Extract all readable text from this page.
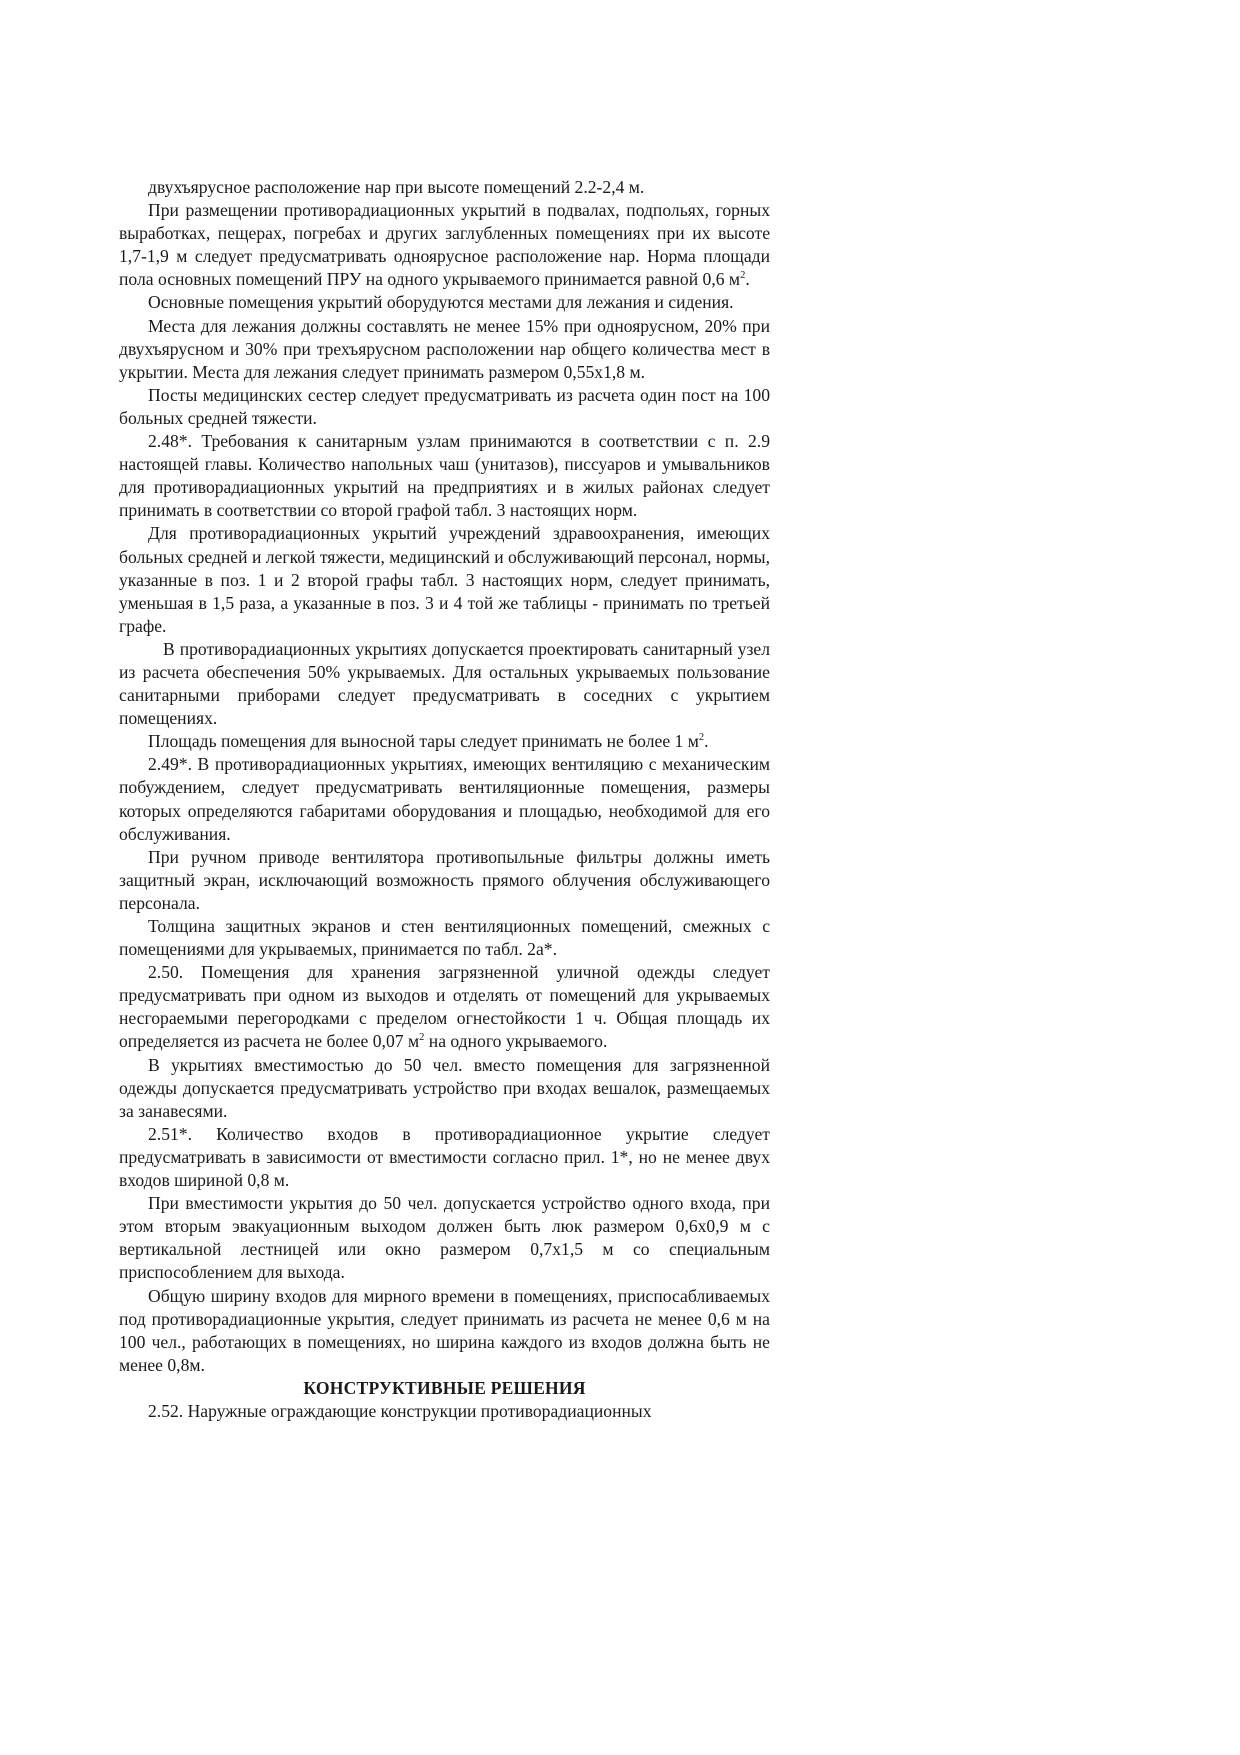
двухъярусное расположение нар при высоте помещений 2.2-2,4 м.

При размещении противорадиационных укрытий в подвалах, подпольях, горных выработках, пещерах, погребах и других заглубленных помещениях при их высоте 1,7-1,9 м следует предусматривать одноярусное расположение нар. Норма площади пола основных помещений ПРУ на одного укрываемого принимается равной 0,6 $м^2$.

Основные помещения укрытий оборудуются местами для лежания и сидения.

Места для лежания должны составлять не менее 15% при одноярусном, 20% при двухъярусном и 30% при трехъярусном расположении нар общего количества мест в укрытии. Места для лежания следует принимать размером 0,55х1,8 м.

Посты медицинских сестер следует предусматривать из расчета один пост на 100 больных средней тяжести.

2.48*. Требования к санитарным узлам принимаются в соответствии с п. 2.9 настоящей главы. Количество напольных чаш (унитазов), писсуаров и умывальников для противорадиационных укрытий на предприятиях и в жилых районах следует принимать в соответствии со второй графой табл. 3 настоящих норм.

Для противорадиационных укрытий учреждений здравоохранения, имеющих больных средней и легкой тяжести, медицинский и обслуживающий персонал, нормы, указанные в поз. 1 и 2 второй графы табл. 3 настоящих норм, следует принимать, уменьшая в 1,5 раза, а указанные в поз. 3 и 4 той же таблицы - принимать по третьей графе.

В противорадиационных укрытиях допускается проектировать санитарный узел из расчета обеспечения 50% укрываемых. Для остальных укрываемых пользование санитарными приборами следует предусматривать в соседних с укрытием помещениях.

Площадь помещения для выносной тары следует принимать не более 1 $м^2$.

2.49*. В противорадиационных укрытиях, имеющих вентиляцию с механическим побуждением, следует предусматривать вентиляционные помещения, размеры которых определяются габаритами оборудования и площадью, необходимой для его обслуживания.

При ручном приводе вентилятора противопыльные фильтры должны иметь защитный экран, исключающий возможность прямого облучения обслуживающего персонала.

Толщина защитных экранов и стен вентиляционных помещений, смежных с помещениями для укрываемых, принимается по табл. 2а*.

2.50. Помещения для хранения загрязненной уличной одежды следует предусматривать при одном из выходов и отделять от помещений для укрываемых несгораемыми перегородками с пределом огнестойкости 1 ч. Общая площадь их определяется из расчета не более 0,07 $м^2$ на одного укрываемого.

В укрытиях вместимостью до 50 чел. вместо помещения для загрязненной одежды допускается предусматривать устройство при входах вешалок, размещаемых за занавесями.

2.51*. Количество входов в противорадиационное укрытие следует предусматривать в зависимости от вместимости согласно прил. 1*, но не менее двух входов шириной 0,8 м.

При вместимости укрытия до 50 чел. допускается устройство одного входа, при этом вторым эвакуационным выходом должен быть люк размером 0,6х0,9 м с вертикальной лестницей или окно размером 0,7х1,5 м со специальным приспособлением для выхода.

Общую ширину входов для мирного времени в помещениях, приспосабливаемых под противорадиационные укрытия, следует принимать из расчета не менее 0,6 м на 100 чел., работающих в помещениях, но ширина каждого из входов должна быть не менее 0,8м.

КОНСТРУКТИВНЫЕ РЕШЕНИЯ

2.52. Наружные ограждающие конструкции противорадиационных
